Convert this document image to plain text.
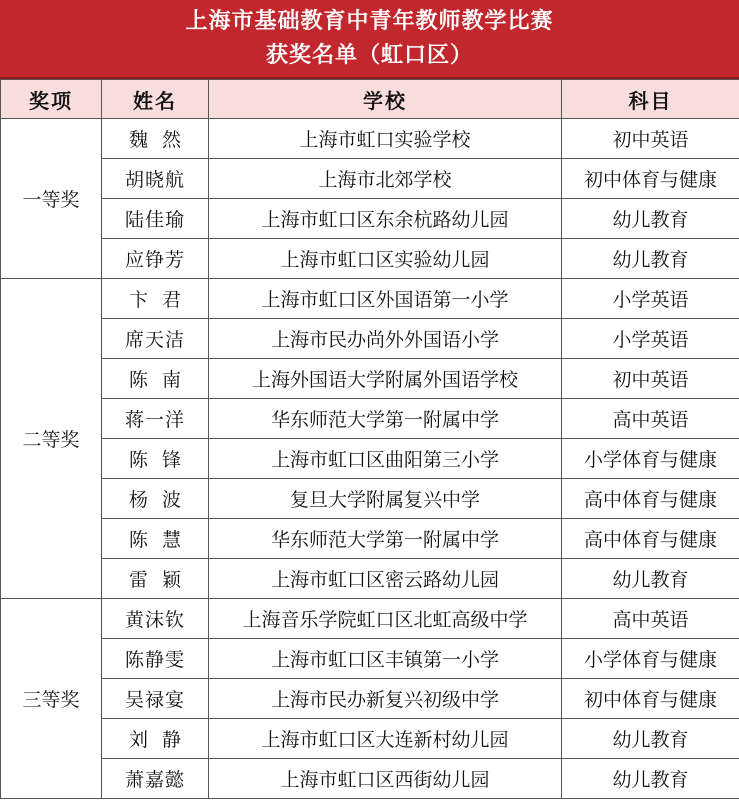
上海市基础教育中青年教师教学比赛
获奖名单（虹口区）
奖项	姓名	学校	科目
一等奖	魏然	上海市虹口实验学校	初中英语
	胡晓航	上海市北郊学校	初中体育与健康
	陆佳瑜	上海市虹口区东余杭路幼儿园	幼儿教育
	应铮芳	上海市虹口区实验幼儿园	幼儿教育
二等奖	卞君	上海市虹口区外国语第一小学	小学英语
	席天洁	上海市民办尚外外国语小学	小学英语
	陈南	上海外国语大学附属外国语学校	初中英语
	蒋一洋	华东师范大学第一附属中学	高中英语
	陈锋	上海市虹口区曲阳第三小学	小学体育与健康
	杨波	复旦大学附属复兴中学	高中体育与健康
	陈慧	华东师范大学第一附属中学	高中体育与健康
	雷颖	上海市虹口区密云路幼儿园	幼儿教育
三等奖	黄沫钦	上海音乐学院虹口区北虹高级中学	高中英语
	陈静雯	上海市虹口区丰镇第一小学	小学体育与健康
	吴禄宴	上海市民办新复兴初级中学	初中体育与健康
	刘静	上海市虹口区大连新村幼儿园	幼儿教育
	萧嘉懿	上海市虹口区西街幼儿园	幼儿教育
